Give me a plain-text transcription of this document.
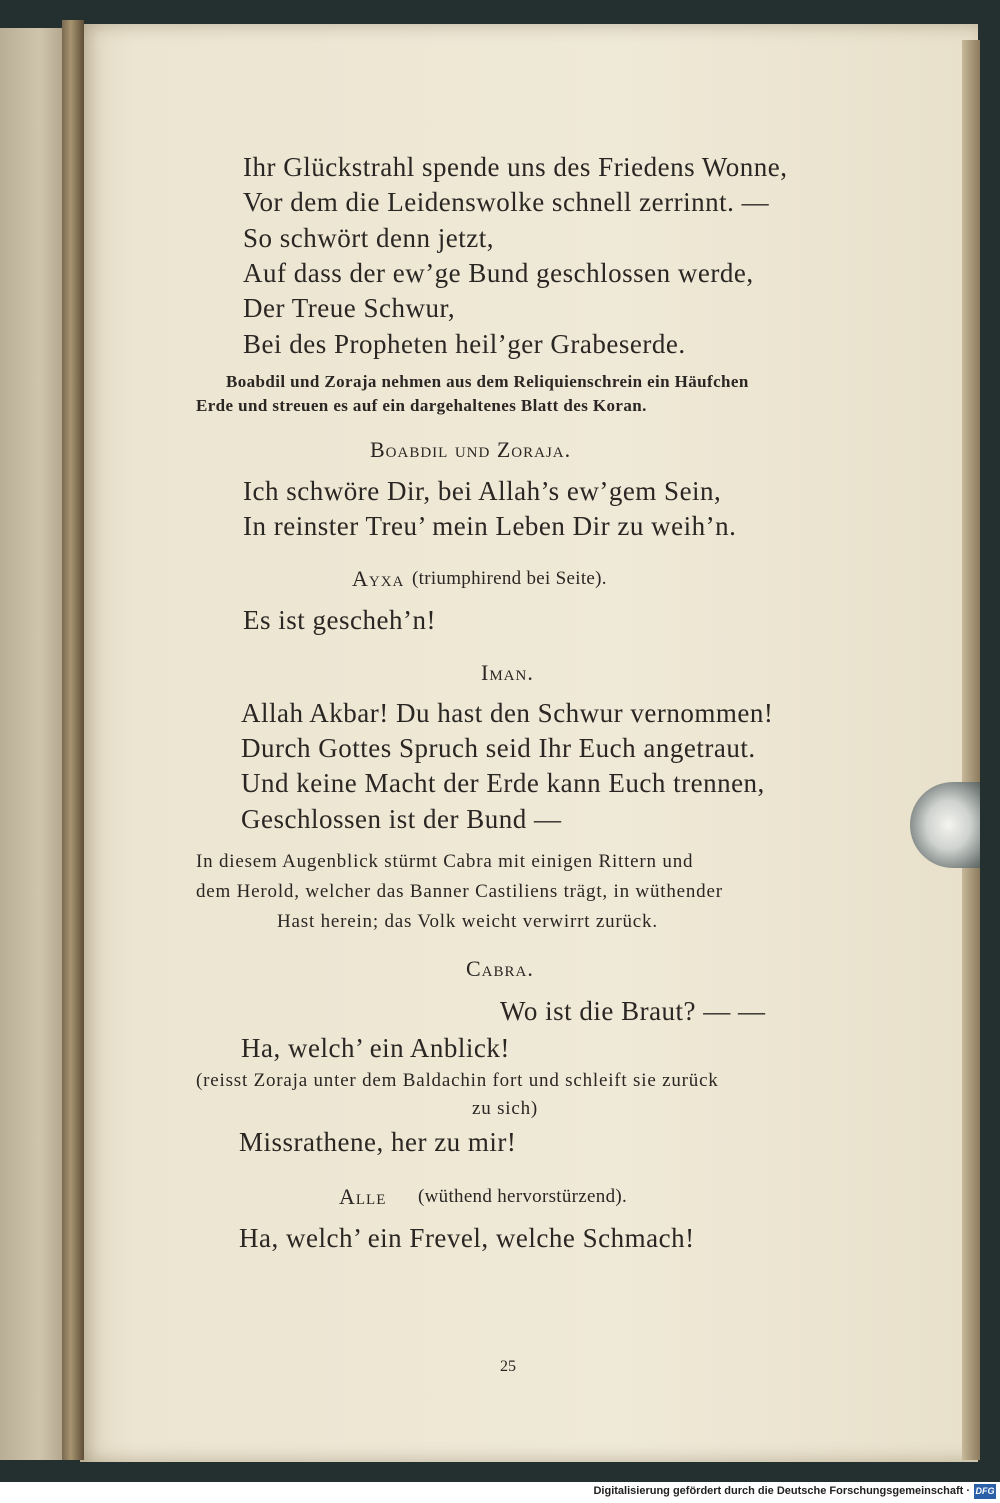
Ihr Glückstrahl spende uns des Friedens Wonne,
Vor dem die Leidenswolke schnell zerrinnt. —
So schwört denn jetzt,
Auf dass der ew’ge Bund geschlossen werde,
Der Treue Schwur,
Bei des Propheten heil’ger Grabeserde.
Boabdil und Zoraja nehmen aus dem Reliquienschrein ein Häufchen
Erde und streuen es auf ein dargehaltenes Blatt des Koran.
Boabdil und Zoraja.
Ich schwöre Dir, bei Allah’s ew’gem Sein,
In reinster Treu’ mein Leben Dir zu weih’n.
Ayxa (triumphirend bei Seite).
Es ist gescheh’n!
Iman.
Allah Akbar! Du hast den Schwur vernommen!
Durch Gottes Spruch seid Ihr Euch angetraut.
Und keine Macht der Erde kann Euch trennen,
Geschlossen ist der Bund —
In diesem Augenblick stürmt Cabra mit einigen Rittern und
dem Herold, welcher das Banner Castiliens trägt, in wüthender
Hast herein; das Volk weicht verwirrt zurück.
Cabra.
Wo ist die Braut? — —
Ha, welch’ ein Anblick!
(reisst Zoraja unter dem Baldachin fort und schleift sie zurück
zu sich)
Missrathene, her zu mir!
Alle (wüthend hervorstürzend).
Ha, welch’ ein Frevel, welche Schmach!
25
Digitalisierung gefördert durch die Deutsche Forschungsgemeinschaft · DFG
